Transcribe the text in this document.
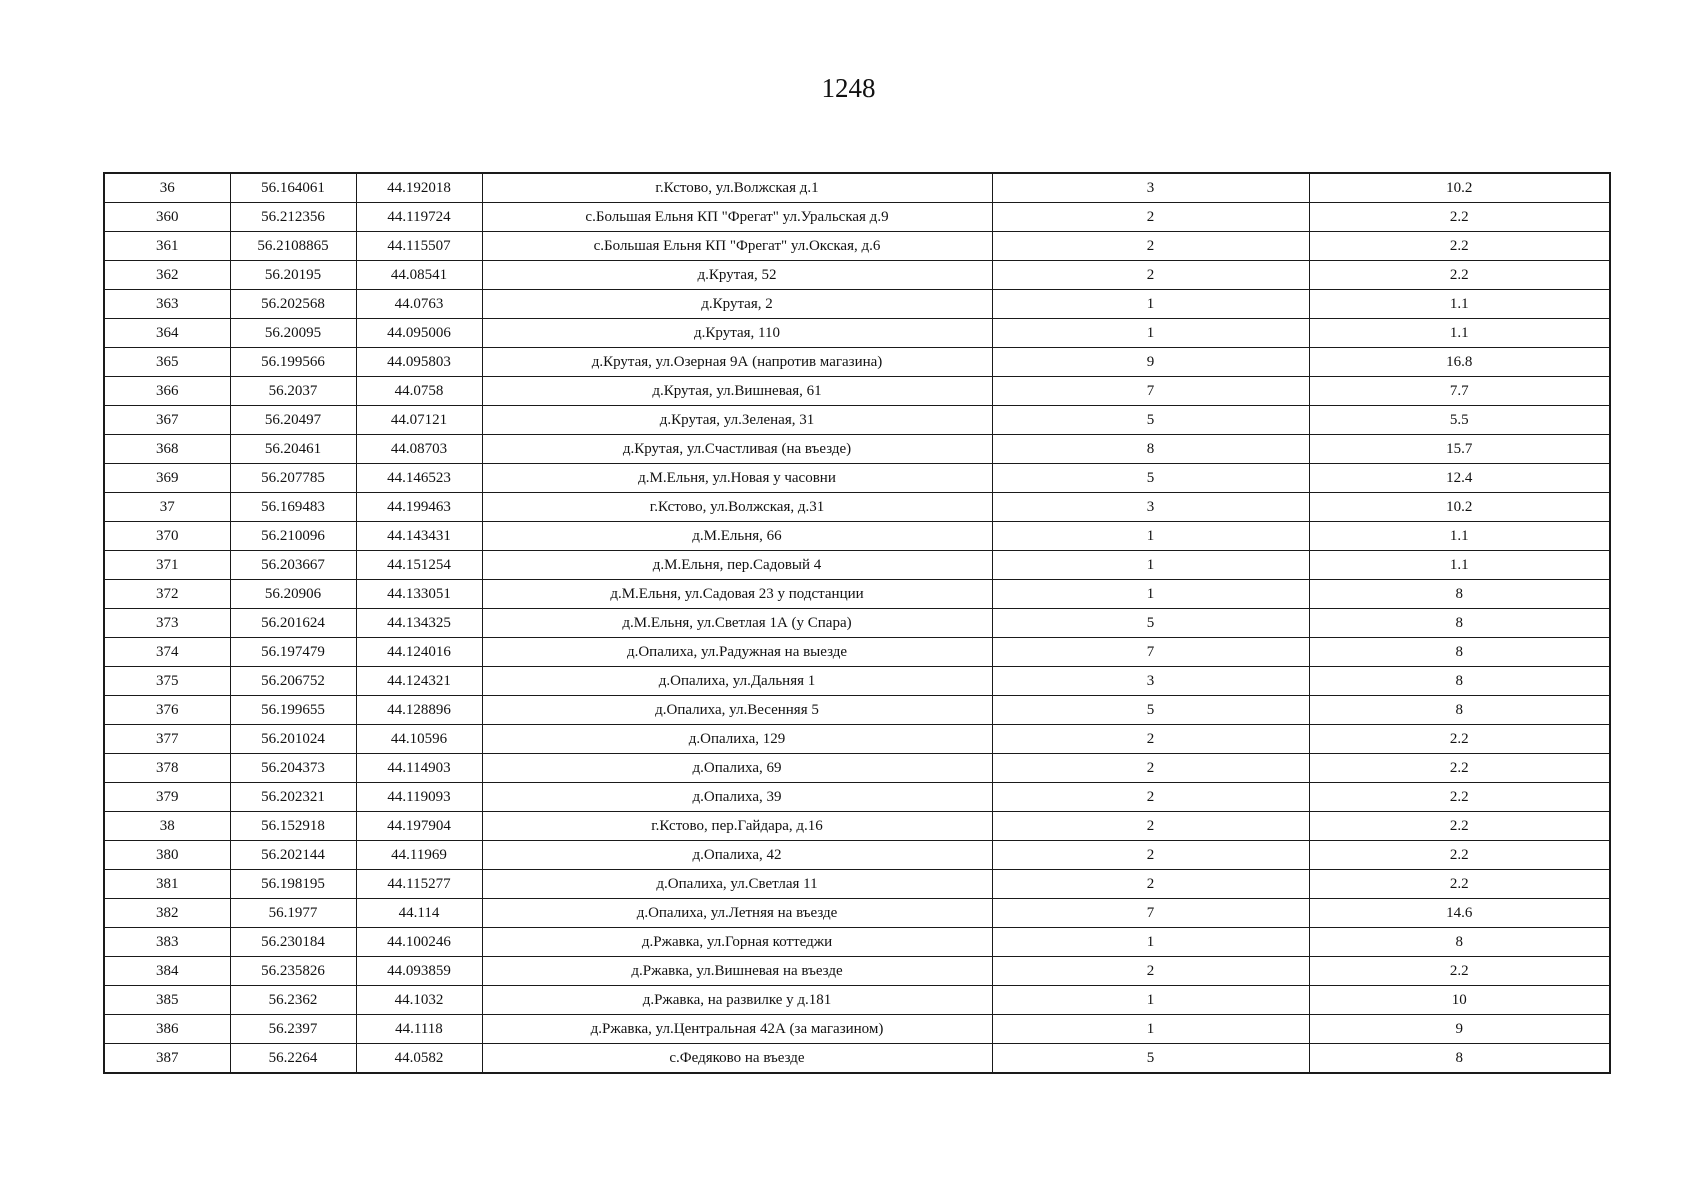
1248
36	56.164061	44.192018	г.Кстово, ул.Волжская д.1	3	10.2
360	56.212356	44.119724	с.Большая Ельня КП "Фрегат" ул.Уральская д.9	2	2.2
361	56.2108865	44.115507	с.Большая Ельня КП "Фрегат" ул.Окская, д.6	2	2.2
362	56.20195	44.08541	д.Крутая, 52	2	2.2
363	56.202568	44.0763	д.Крутая, 2	1	1.1
364	56.20095	44.095006	д.Крутая, 110	1	1.1
365	56.199566	44.095803	д.Крутая, ул.Озерная 9А (напротив магазина)	9	16.8
366	56.2037	44.0758	д.Крутая, ул.Вишневая, 61	7	7.7
367	56.20497	44.07121	д.Крутая, ул.Зеленая, 31	5	5.5
368	56.20461	44.08703	д.Крутая, ул.Счастливая (на въезде)	8	15.7
369	56.207785	44.146523	д.М.Ельня, ул.Новая у часовни	5	12.4
37	56.169483	44.199463	г.Кстово, ул.Волжская, д.31	3	10.2
370	56.210096	44.143431	д.М.Ельня, 66	1	1.1
371	56.203667	44.151254	д.М.Ельня, пер.Садовый 4	1	1.1
372	56.20906	44.133051	д.М.Ельня, ул.Садовая 23 у подстанции	1	8
373	56.201624	44.134325	д.М.Ельня, ул.Светлая 1А (у Спара)	5	8
374	56.197479	44.124016	д.Опалиха, ул.Радужная на выезде	7	8
375	56.206752	44.124321	д.Опалиха, ул.Дальняя 1	3	8
376	56.199655	44.128896	д.Опалиха, ул.Весенняя 5	5	8
377	56.201024	44.10596	д.Опалиха, 129	2	2.2
378	56.204373	44.114903	д.Опалиха, 69	2	2.2
379	56.202321	44.119093	д.Опалиха, 39	2	2.2
38	56.152918	44.197904	г.Кстово, пер.Гайдара, д.16	2	2.2
380	56.202144	44.11969	д.Опалиха, 42	2	2.2
381	56.198195	44.115277	д.Опалиха, ул.Светлая 11	2	2.2
382	56.1977	44.114	д.Опалиха, ул.Летняя на въезде	7	14.6
383	56.230184	44.100246	д.Ржавка, ул.Горная коттеджи	1	8
384	56.235826	44.093859	д.Ржавка, ул.Вишневая на въезде	2	2.2
385	56.2362	44.1032	д.Ржавка, на развилке у д.181	1	10
386	56.2397	44.1118	д.Ржавка, ул.Центральная 42А (за магазином)	1	9
387	56.2264	44.0582	с.Федяково на въезде	5	8
